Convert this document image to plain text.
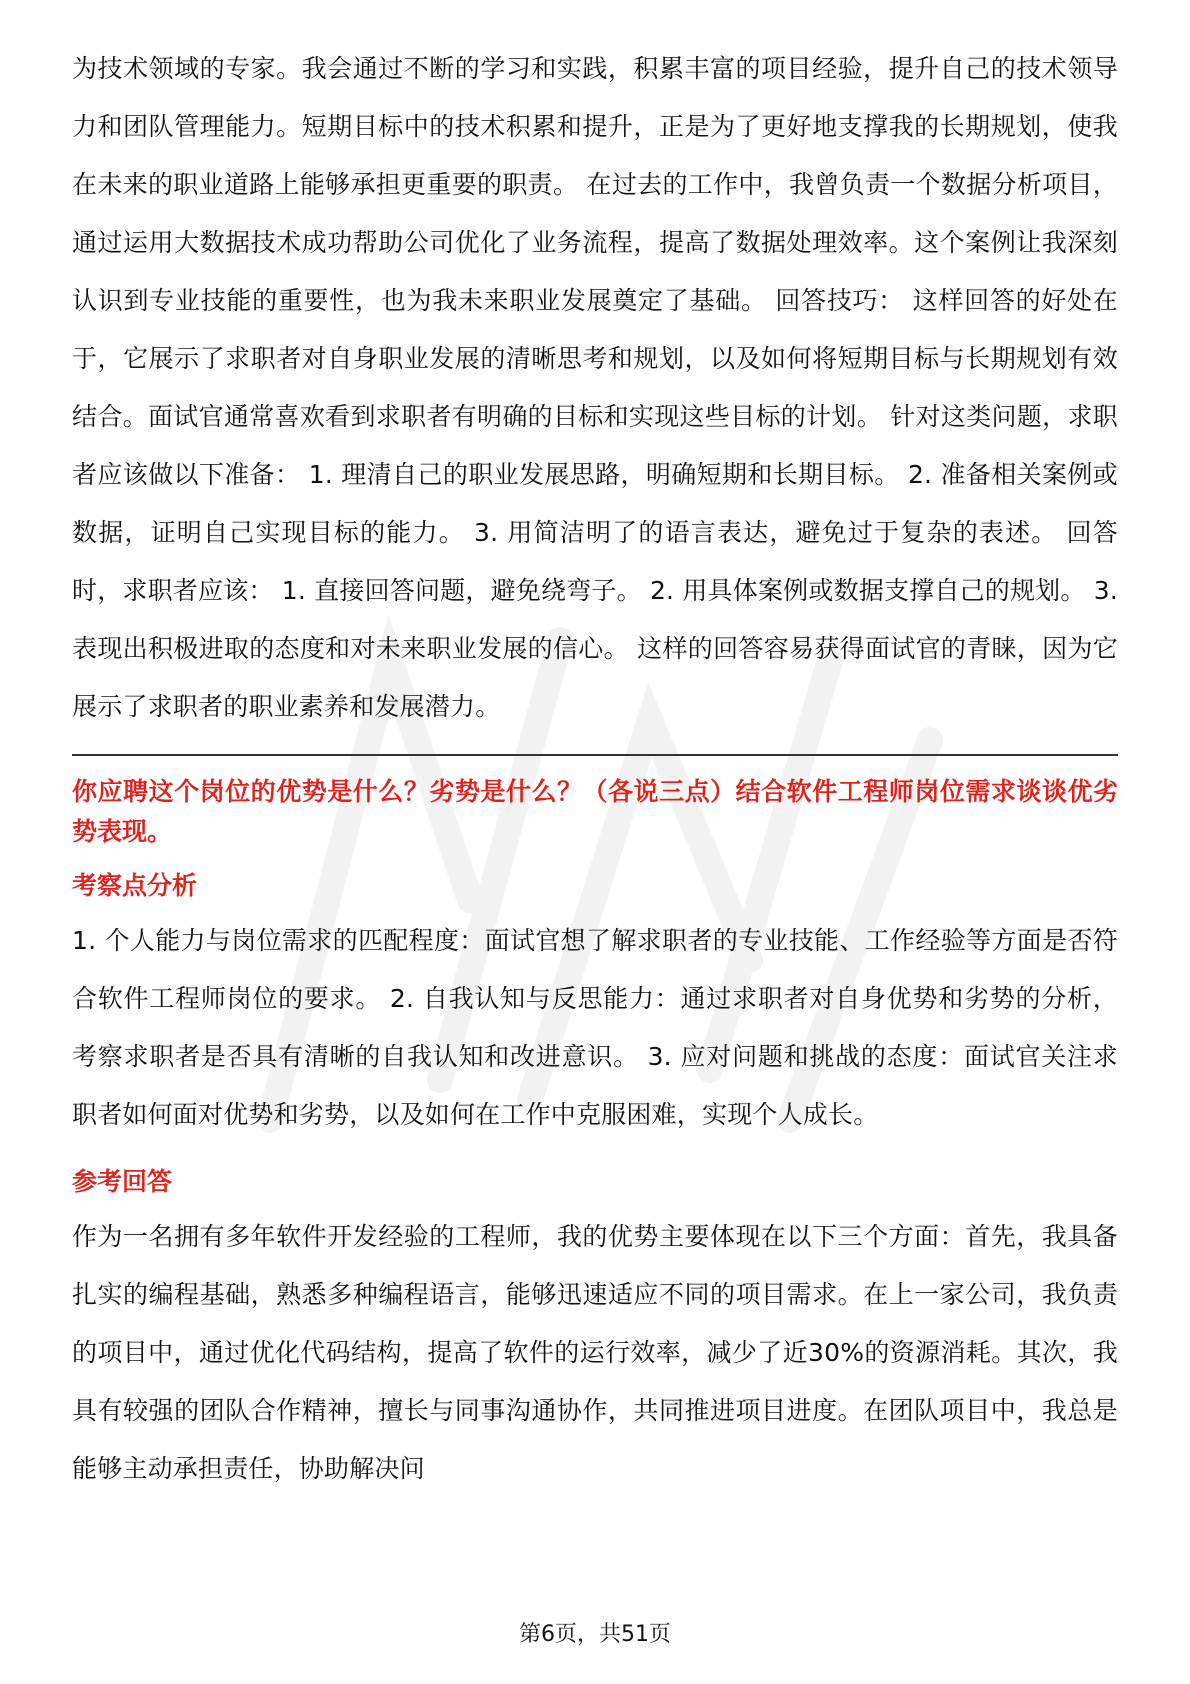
为技术领域的专家。我会通过不断的学习和实践，积累丰富的项目经验，提升自己的技术领导力和团队管理能力。短期目标中的技术积累和提升，正是为了更好地支撑我的长期规划，使我在未来的职业道路上能够承担更重要的职责。 在过去的工作中，我曾负责一个数据分析项目，通过运用大数据技术成功帮助公司优化了业务流程，提高了数据处理效率。这个案例让我深刻认识到专业技能的重要性，也为我未来职业发展奠定了基础。 回答技巧： 这样回答的好处在于，它展示了求职者对自身职业发展的清晰思考和规划，以及如何将短期目标与长期规划有效结合。面试官通常喜欢看到求职者有明确的目标和实现这些目标的计划。 针对这类问题，求职者应该做以下准备： 1. 理清自己的职业发展思路，明确短期和长期目标。 2. 准备相关案例或数据，证明自己实现目标的能力。 3. 用简洁明了的语言表达，避免过于复杂的表述。 回答时，求职者应该： 1. 直接回答问题，避免绕弯子。 2. 用具体案例或数据支撑自己的规划。 3. 表现出积极进取的态度和对未来职业发展的信心。 这样的回答容易获得面试官的青睐，因为它展示了求职者的职业素养和发展潜力。

你应聘这个岗位的优势是什么？劣势是什么？（各说三点）结合软件工程师岗位需求谈谈优劣势表现。

考察点分析

1. 个人能力与岗位需求的匹配程度：面试官想了解求职者的专业技能、工作经验等方面是否符合软件工程师岗位的要求。 2. 自我认知与反思能力：通过求职者对自身优势和劣势的分析，考察求职者是否具有清晰的自我认知和改进意识。 3. 应对问题和挑战的态度：面试官关注求职者如何面对优势和劣势，以及如何在工作中克服困难，实现个人成长。

参考回答

作为一名拥有多年软件开发经验的工程师，我的优势主要体现在以下三个方面：首先，我具备扎实的编程基础，熟悉多种编程语言，能够迅速适应不同的项目需求。在上一家公司，我负责的项目中，通过优化代码结构，提高了软件的运行效率，减少了近30%的资源消耗。其次，我具有较强的团队合作精神，擅长与同事沟通协作，共同推进项目进度。在团队项目中，我总是能够主动承担责任，协助解决问

第6页，共51页
